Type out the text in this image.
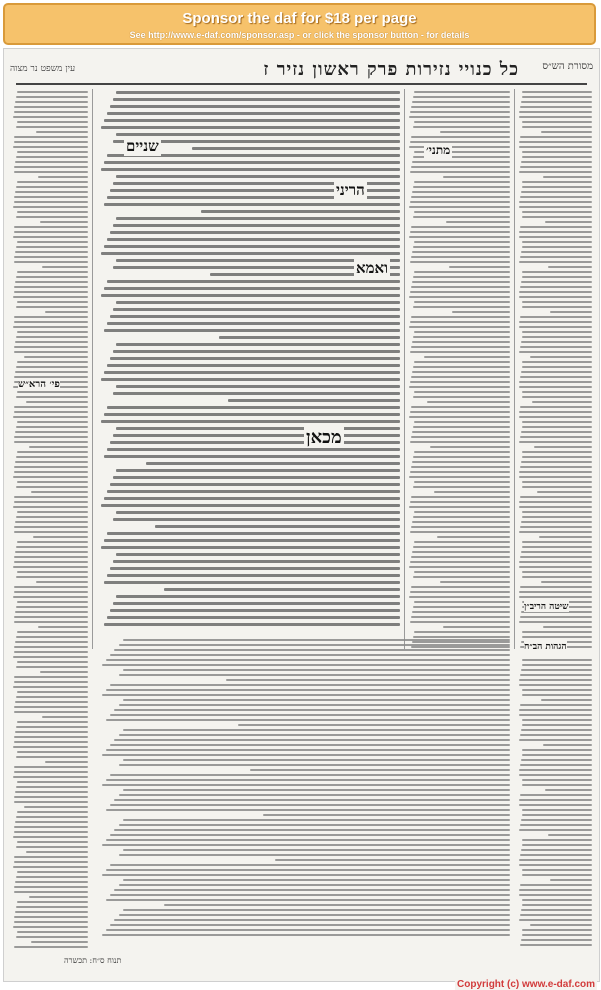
Sponsor the daf for $18 per page
See http://www.e-daf.com/sponsor.asp - or click the sponsor button - for details
מסורת הש״ס
כל כנויי נזירות פרק ראשון נזיר ז
עין משפט נר מצוה
פי׳ הרא״ש
מתני׳
שניים
מכאן
ואמא
הריני
שיטה הריב״ן
הגהות הב״ח
תנוח ס״ח: תכשרה
Copyright (c) www.e-daf.com
